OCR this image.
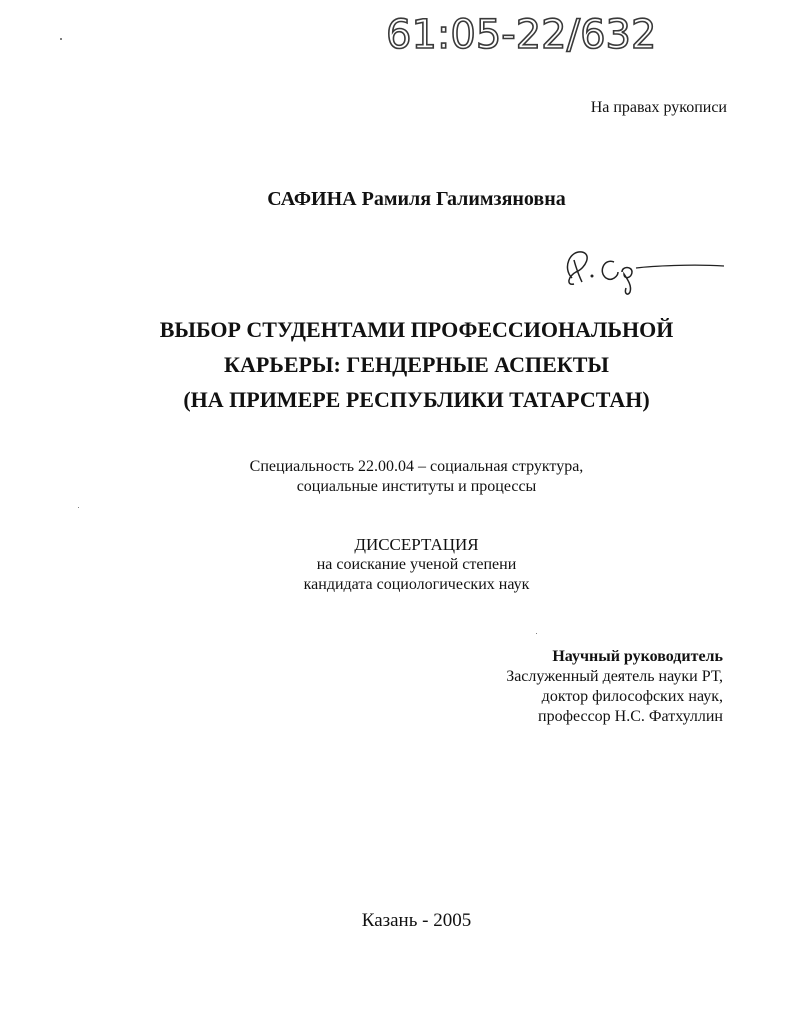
61:05-22/632
На правах рукописи
САФИНА Рамиля Галимзяновна
ВЫБОР СТУДЕНТАМИ ПРОФЕССИОНАЛЬНОЙ
КАРЬЕРЫ: ГЕНДЕРНЫЕ АСПЕКТЫ
(НА ПРИМЕРЕ РЕСПУБЛИКИ ТАТАРСТАН)
Специальность 22.00.04 – социальная структура,
социальные институты и процессы
ДИССЕРТАЦИЯ
на соискание ученой степени
кандидата социологических наук
Научный руководитель
Заслуженный деятель науки РТ,
доктор философских наук,
профессор Н.С. Фатхуллин
Казань - 2005
